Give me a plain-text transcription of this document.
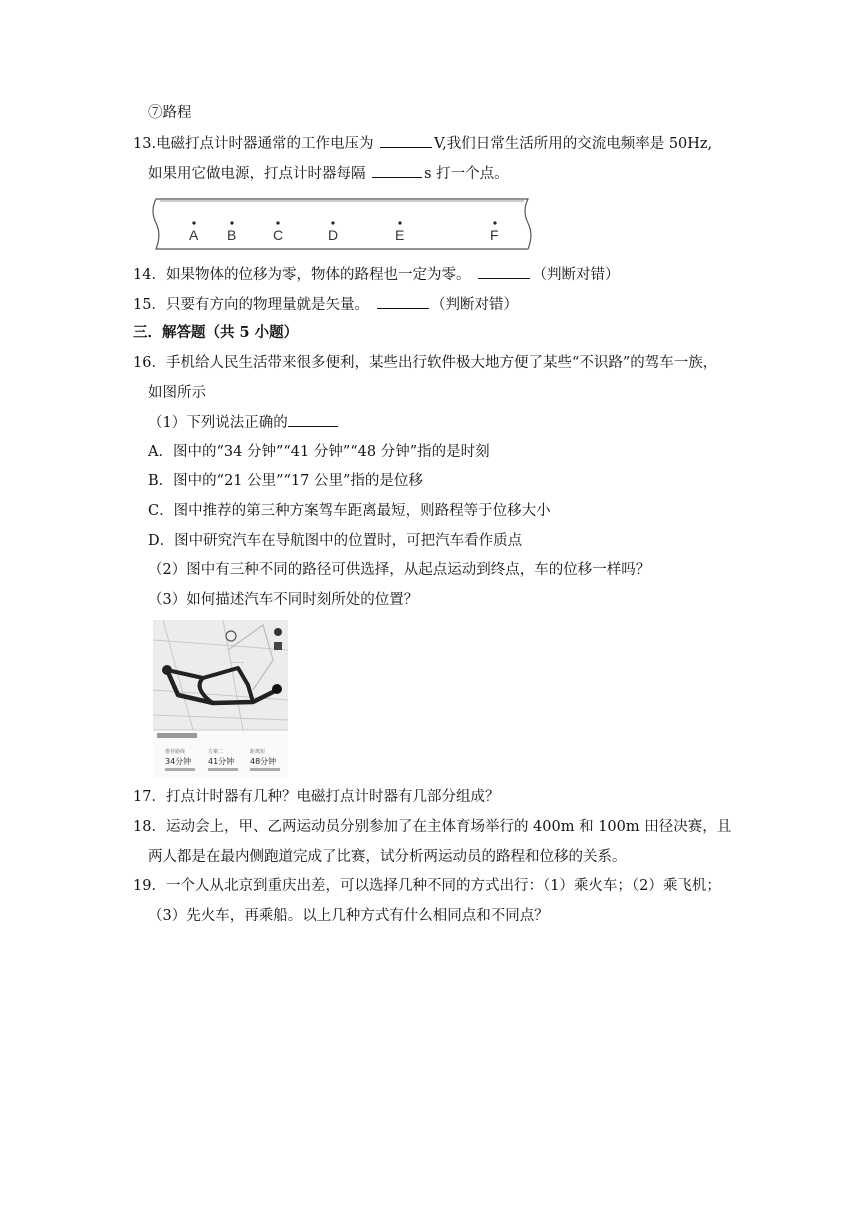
⑦路程
13.电磁打点计时器通常的工作电压为	V,我们日常生活所用的交流电频率是 50Hz,
如果用它做电源，打点计时器每隔	s 打一个点。
A B	C	D	E	F
14．如果物体的位移为零，物体的路程也一定为零。	（判断对错）
15．只要有方向的物理量就是矢量。	（判断对错）
三．解答题（共 5 小题）
16．手机给人民生活带来很多便利，某些出行软件极大地方便了某些“不识路”的驾车一族，
如图所示
（1）下列说法正确的
A．图中的“34 分钟”“41 分钟”“48 分钟”指的是时刻
B．图中的“21 公里”“17 公里”指的是位移
C．图中推荐的第三种方案驾车距离最短，则路程等于位移大小
D．图中研究汽车在导航图中的位置时，可把汽车看作质点
（2）图中有三种不同的路径可供选择，从起点运动到终点，车的位移一样吗？
（3）如何描述汽车不同时刻所处的位置？
········
推荐路线	方案二	距离短
34分钟 41分钟 48分钟
17．打点计时器有几种？电磁打点计时器有几部分组成？
18．运动会上，甲、乙两运动员分别参加了在主体育场举行的 400m 和 100m 田径决赛，且
两人都是在最内侧跑道完成了比赛，试分析两运动员的路程和位移的关系。
19．一个人从北京到重庆出差，可以选择几种不同的方式出行：（1）乘火车；（2）乘飞机；
（3）先火车，再乘船。以上几种方式有什么相同点和不同点？
